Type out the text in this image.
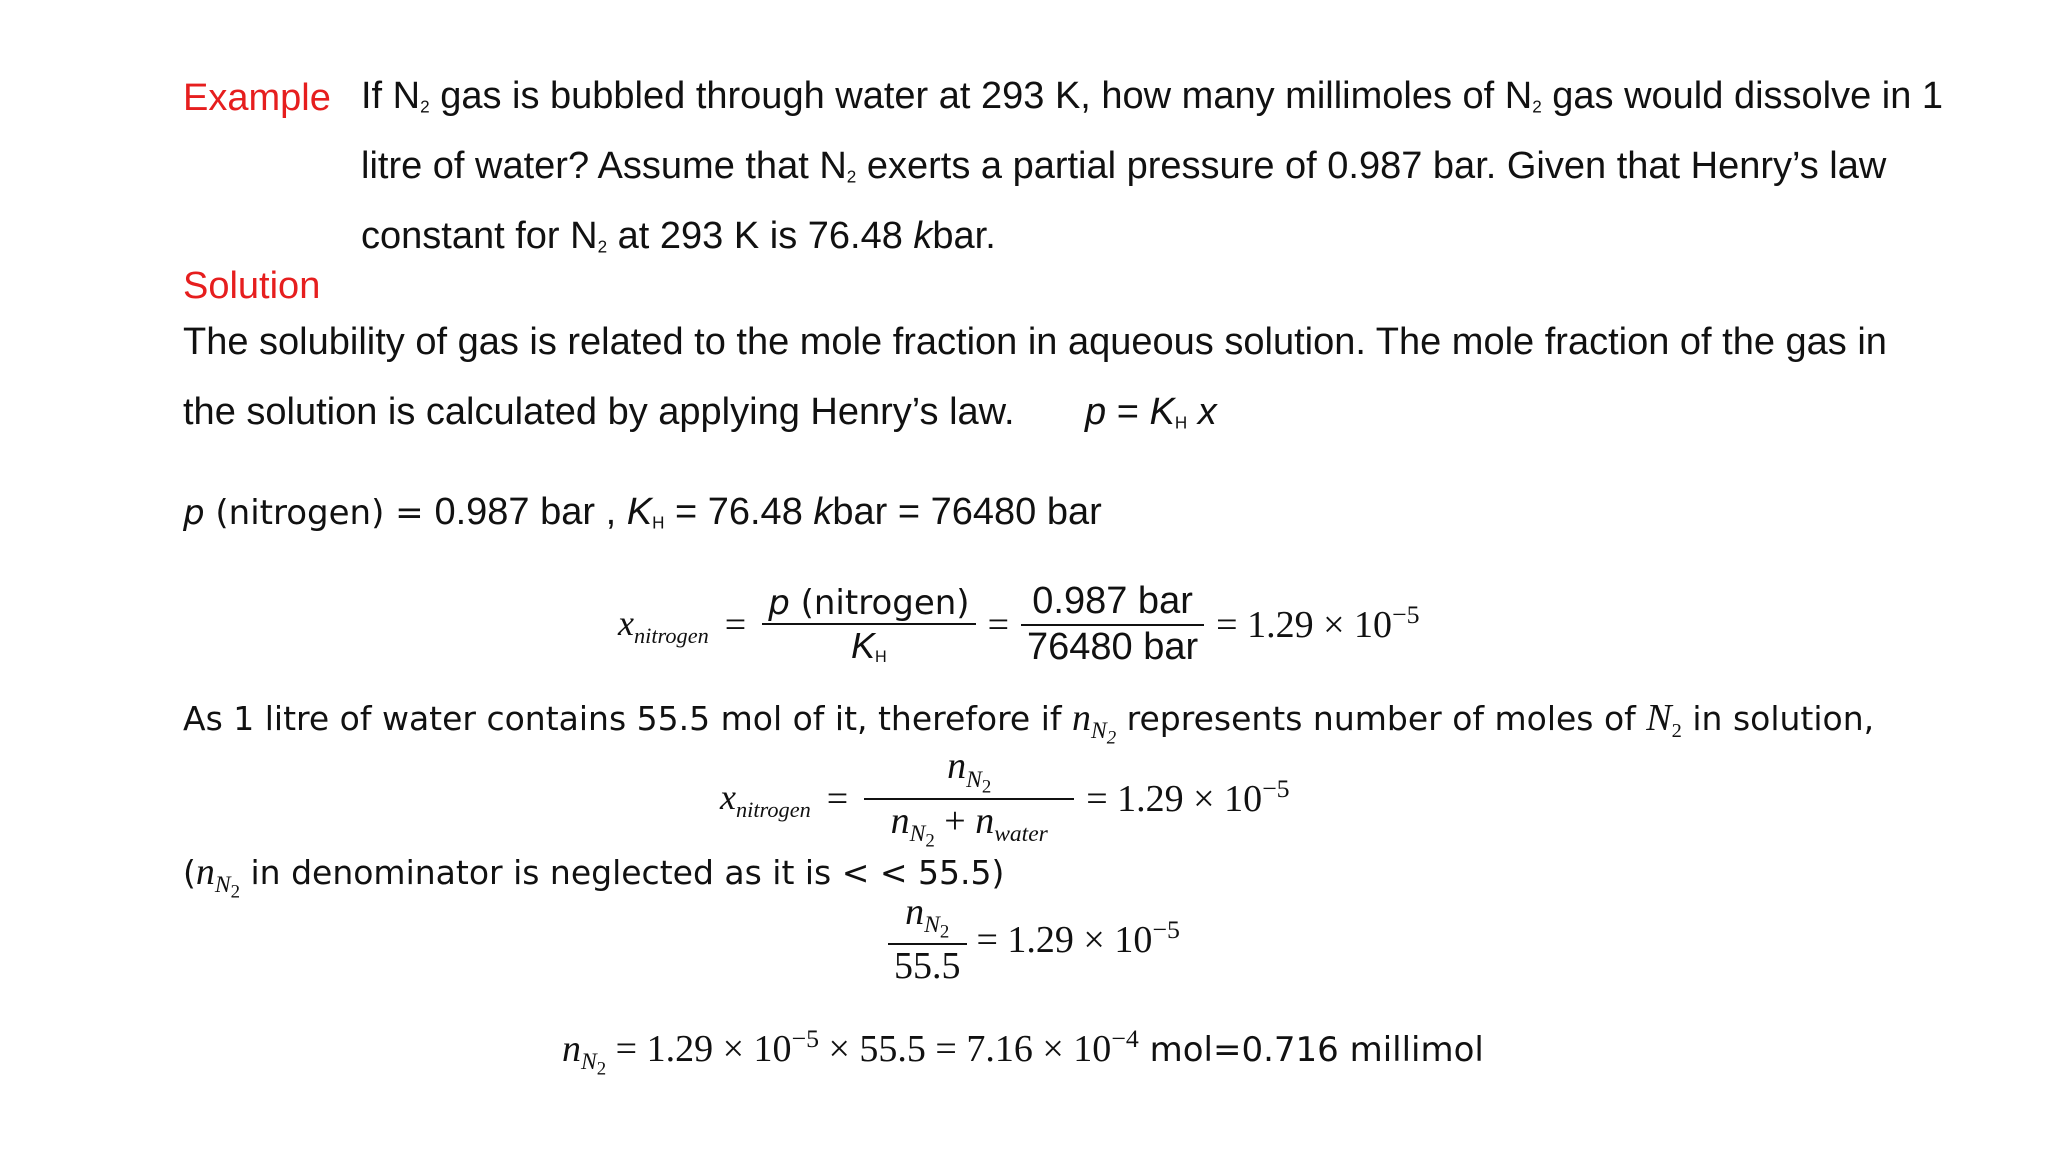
Example If $N_2$ gas is bubbled through water at 293 K, how many millimoles of $N_2$ gas would dissolve in 1
litre of water? Assume that $N_2$ exerts a partial pressure of 0.987 bar. Given that Henry’s law
constant for $N_2$ at 293 K is 76.48 kbar.
Solution
The solubility of gas is related to the mole fraction in aqueous solution. The mole fraction of the gas in
the solution is calculated by applying Henry’s law. $p = K_H$ x
p (nitrogen) = 0.987 bar , $K_H = 76.48$ kbar = 76480 bar
$x_{nitrogen} = \frac{\text{p (nitrogen)}}{K_H} = \frac{\text{0.987 bar}}{\text{76480 bar}} = 1.29 \times 10^{-5}$
As 1 litre of water contains 55.5 mol of it, therefore if $n_{N_2}$ represents number of moles of $N_2$ in solution,
$x_{nitrogen} = \frac{n_{N_2}}{n_{N_2} + n_{water}} = 1.29 \times 10^{-5}$
($n_{N_2}$ in denominator is neglected as it is < < 55.5)
$\frac{n_{N_2}}{55.5} = 1.29 \times 10^{-5}$
$n_{N_2} = 1.29 \times 10^{-5} \times 55.5 = 7.16 \times 10^{-4}$ mol=0.716 millimol
